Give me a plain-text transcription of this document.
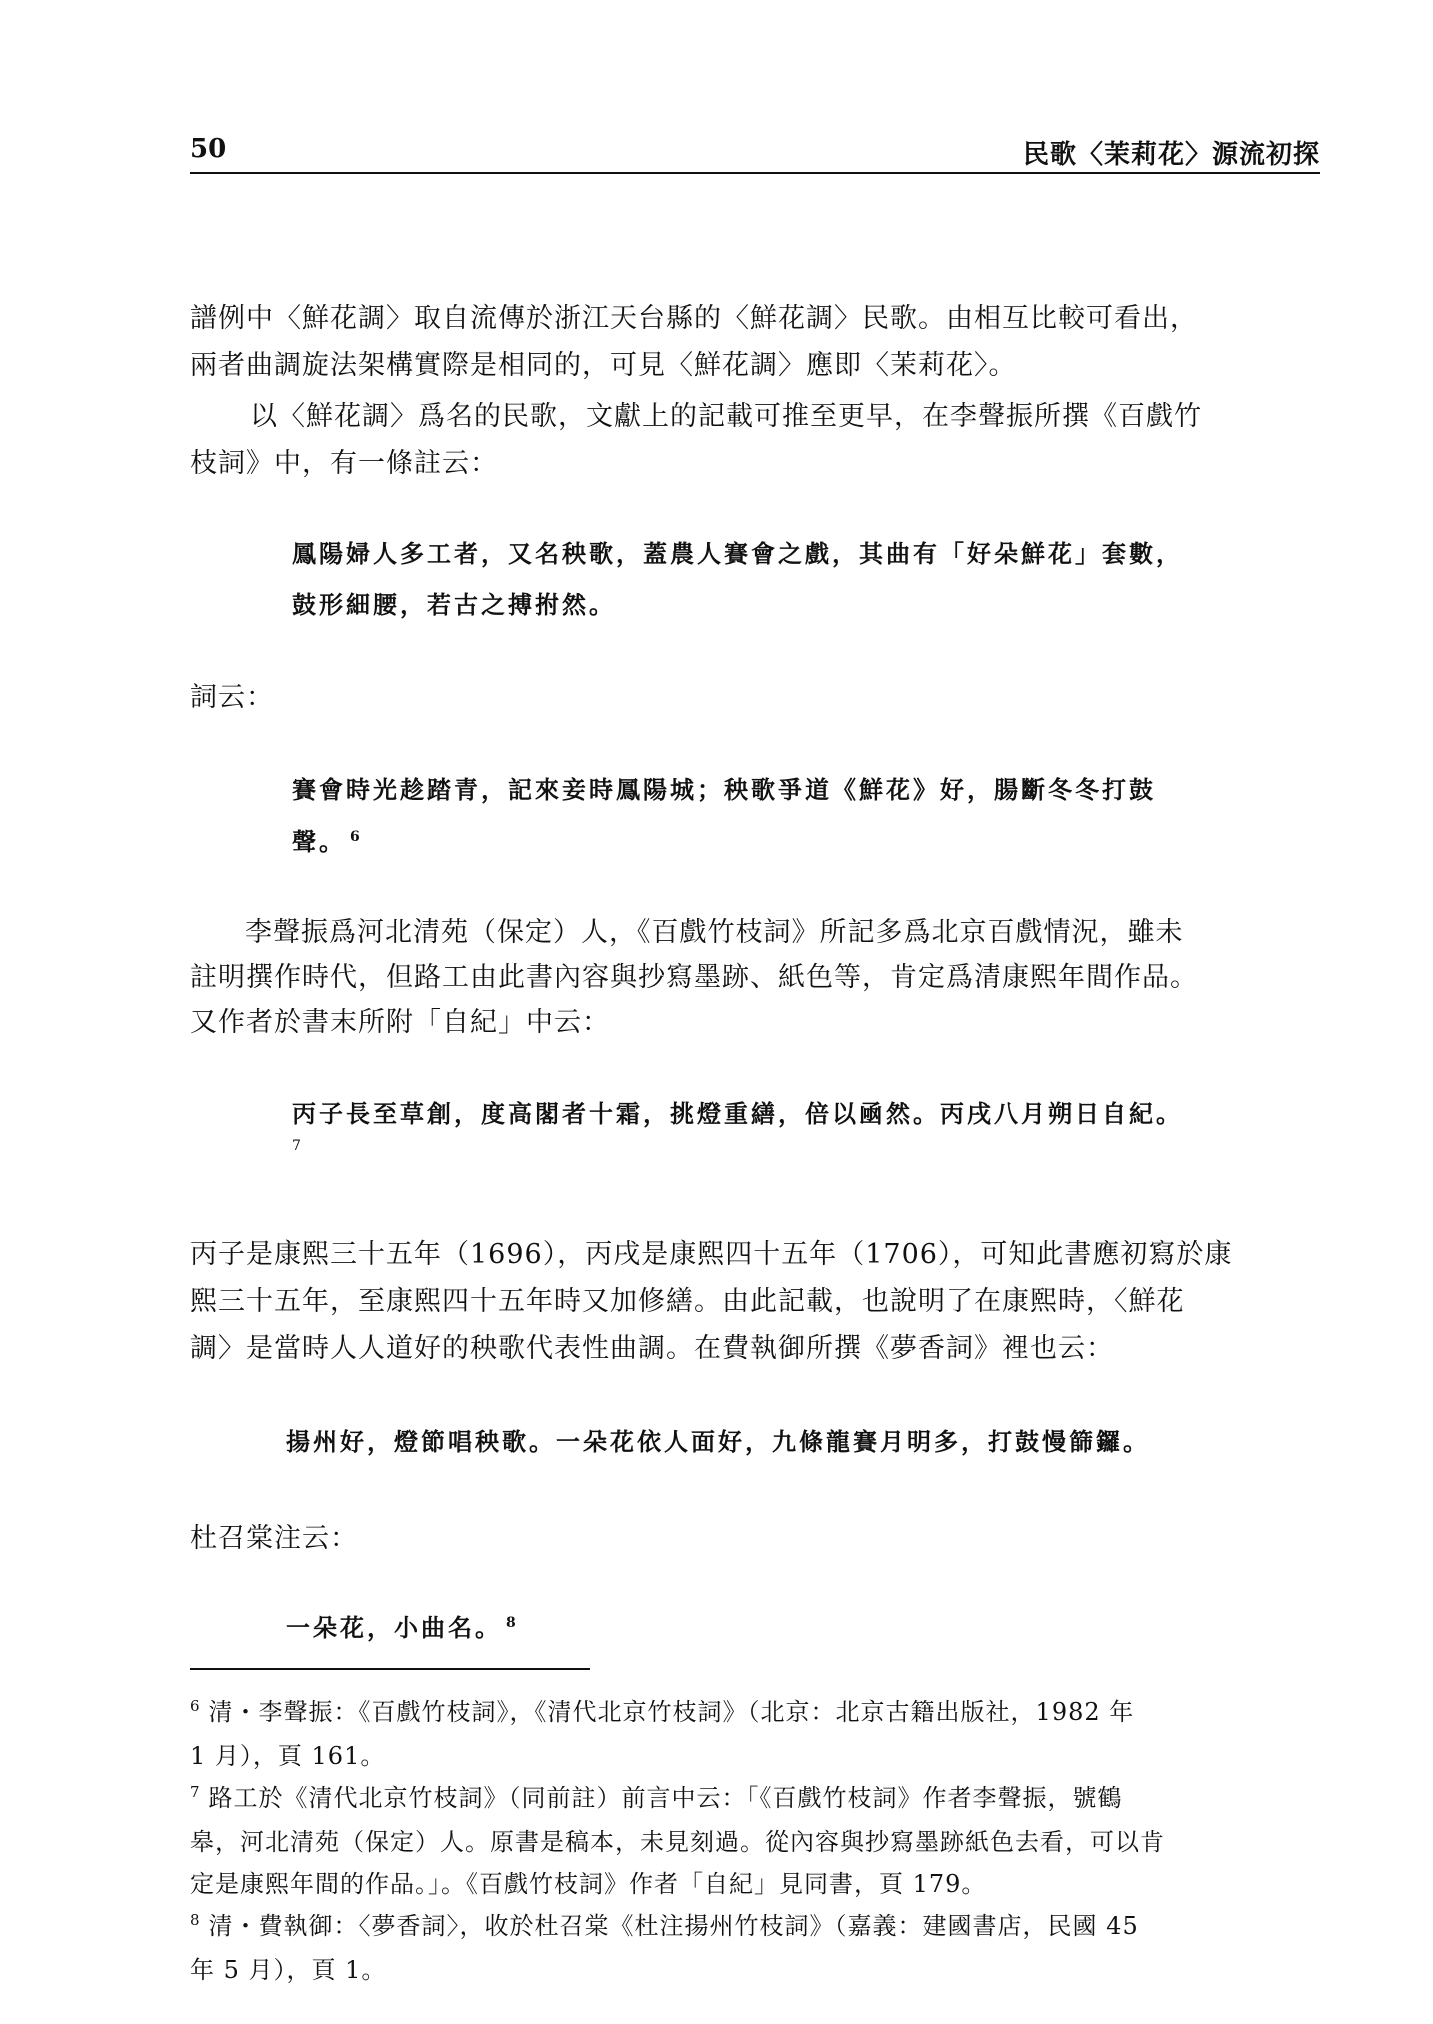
50	民歌〈茉莉花〉源流初探
譜例中〈鮮花調〉取自流傳於浙江天台縣的〈鮮花調〉民歌。由相互比較可看出，
兩者曲調旋法架構實際是相同的，可見〈鮮花調〉應即〈茉莉花〉。
以〈鮮花調〉爲名的民歌，文獻上的記載可推至更早，在李聲振所撰《百戲竹
枝詞》中，有一條註云：
鳳陽婦人多工者，又名秧歌，蓋農人賽會之戲，其曲有「好朵鮮花」套數，
鼓形細腰，若古之搏拊然。
詞云：
賽會時光趁踏青，記來妾時鳳陽城；秧歌爭道《鮮花》好，腸斷冬冬打鼓
聲。 $^6$
李聲振爲河北清苑（保定）人，《百戲竹枝詞》所記多爲北京百戲情況，雖未
註明撰作時代，但路工由此書內容與抄寫墨跡、紙色等，肯定爲清康熙年間作品。
又作者於書末所附「自紀」中云：
丙子長至草創，度高閣者十霜，挑燈重繕，倍以凾然。丙戌八月朔日自紀。
7
丙子是康熙三十五年（1696），丙戌是康熙四十五年（1706），可知此書應初寫於康
熙三十五年，至康熙四十五年時又加修繕。由此記載，也說明了在康熙時，〈鮮花
調〉是當時人人道好的秧歌代表性曲調。在費執御所撰《夢香詞》裡也云：
揚州好，燈節唱秧歌。一朵花依人面好，九條龍賽月明多，打鼓慢篩鑼。
杜召棠注云：
一朵花，小曲名。 $^8$
$^6$ 清・李聲振：《百戲竹枝詞》，《清代北京竹枝詞》（北京：北京古籍出版社，1982 年
1 月），頁 161。
$^7$ 路工於《清代北京竹枝詞》（同前註）前言中云：「《百戲竹枝詞》作者李聲振，號鶴
皋，河北清苑（保定）人。原書是稿本，未見刻過。從內容與抄寫墨跡紙色去看，可以肯
定是康熙年間的作品。」。《百戲竹枝詞》作者「自紀」見同書，頁 179。
$^8$ 清・費執御：〈夢香詞〉，收於杜召棠《杜注揚州竹枝詞》（嘉義：建國書店，民國 45
年 5 月），頁 1。
